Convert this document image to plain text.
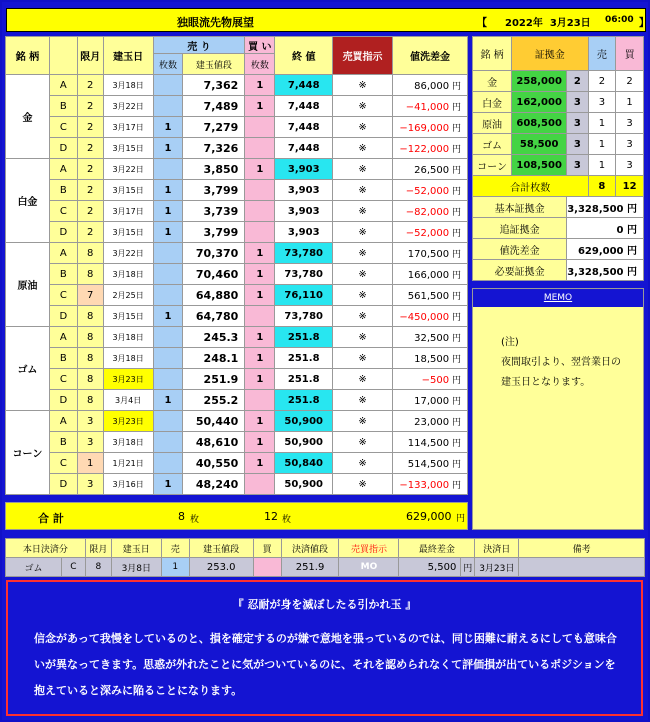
独眼流先物展望	【 2022年 3月23日 06:00 】
銘 柄		限月	建玉日	売 り		買 い	終 値	売買指示	値洗差金
				枚数	建玉値段	枚数			
金	A	2	3月18日		7,362	1	7,448	※	86,000 円
	B	2	3月22日		7,489	1	7,448	※	−41,000 円
	C	2	3月17日	1	7,279		7,448	※	−169,000 円
	D	2	3月15日	1	7,326		7,448	※	−122,000 円
白金	A	2	3月22日		3,850	1	3,903	※	26,500 円
	B	2	3月15日	1	3,799		3,903	※	−52,000 円
	C	2	3月17日	1	3,739		3,903	※	−82,000 円
	D	2	3月15日	1	3,799		3,903	※	−52,000 円
原油	A	8	3月22日		70,370	1	73,780	※	170,500 円
	B	8	3月18日		70,460	1	73,780	※	166,000 円
	C	7	2月25日		64,880	1	76,110	※	561,500 円
	D	8	3月15日	1	64,780		73,780	※	−450,000 円
ゴム	A	8	3月18日		245.3	1	251.8	※	32,500 円
	B	8	3月18日		248.1	1	251.8	※	18,500 円
	C	8	3月23日		251.9	1	251.8	※	−500 円
	D	8	3月4日	1	255.2		251.8	※	17,000 円
コーン	A	3	3月23日		50,440	1	50,900	※	23,000 円
	B	3	3月18日		48,610	1	50,900	※	114,500 円
	C	1	1月21日		40,550	1	50,840	※	514,500 円
	D	3	3月16日	1	48,240		50,900	※	−133,000 円
合 計	8 枚	12 枚	629,000 円
銘 柄	証拠金		売	買
金	258,000	2	2	2
白金	162,000	3	3	1
原油	608,500	3	1	3
ゴム	58,500	3	1	3
コーン	108,500	3	1	3
合計枚数			8	12
基本証拠金		3,328,500 円		
追証拠金		0 円		
値洗差金		629,000 円		
必要証拠金		3,328,500 円		
MEMO
(注)
夜間取引より、翌営業日の
建玉日となります。
本日決済分		限月	建玉日	売	建玉値段	買	決済値段	売買指示	最終差金		決済日	備考
ゴム	C	8	3月8日	1	253.0		251.9	MO	5,500	円	3月23日	
『 忍耐が身を滅ぼしたる引かれ玉 』
信念があって我慢をしているのと、損を確定するのが嫌で意地を張っているのでは、同じ困難に耐えるにしても意味合いが異なってきます。思惑が外れたことに気がついているのに、それを認められなくて評価損が出ているポジションを抱えていると深みに陥ることになります。
